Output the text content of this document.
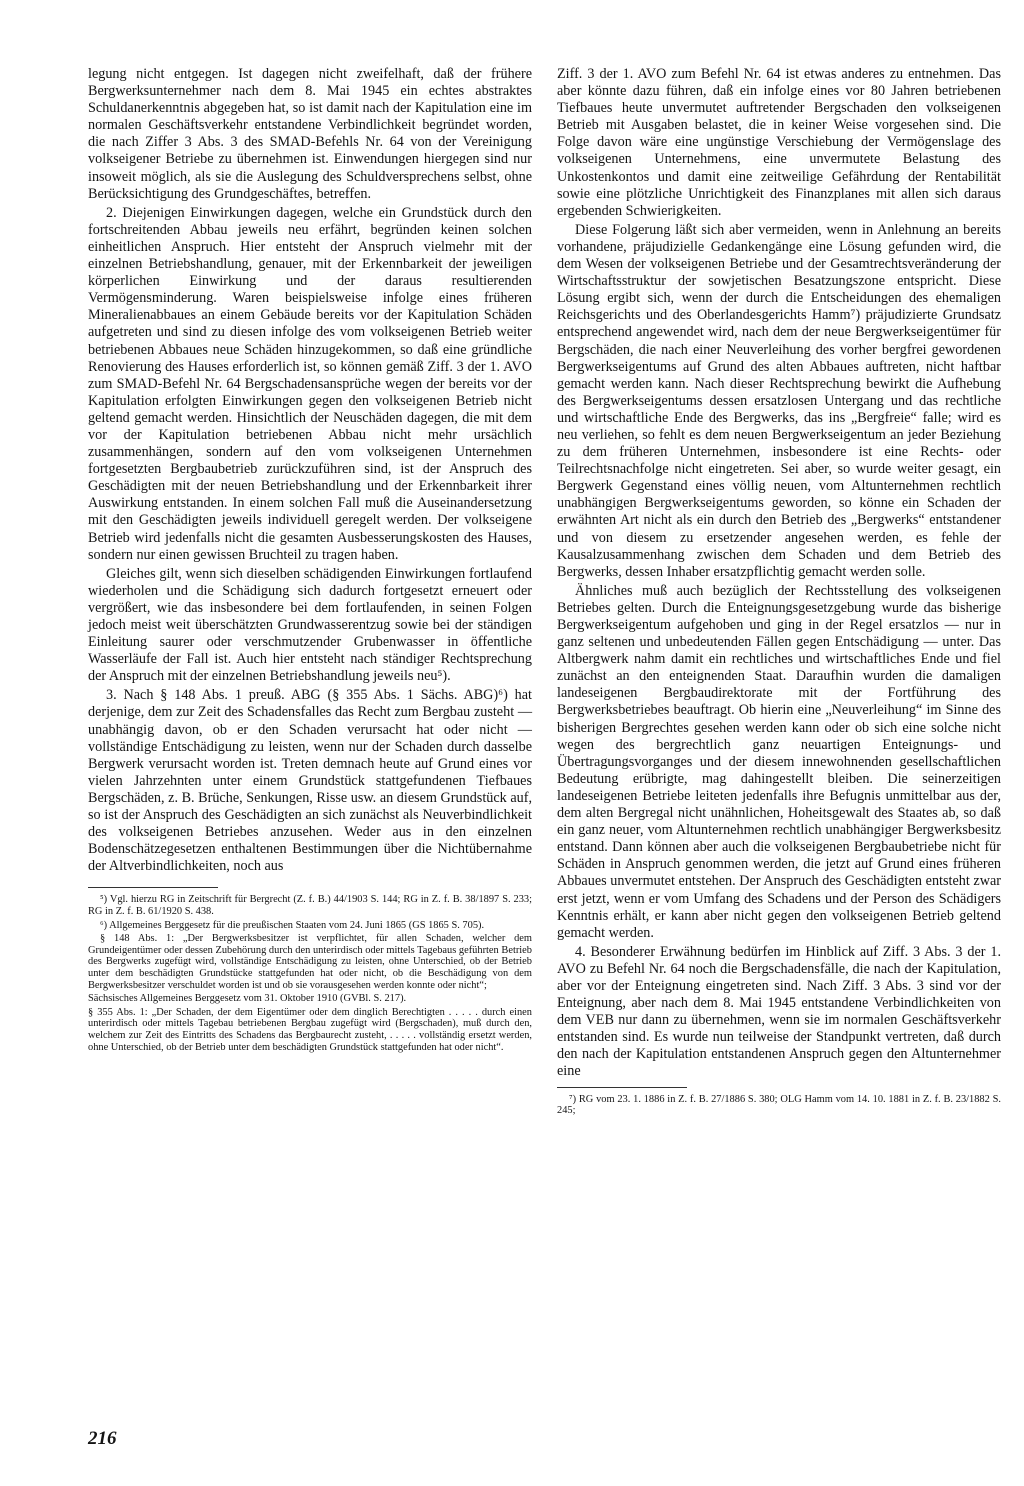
legung nicht entgegen. Ist dagegen nicht zweifelhaft, daß der frühere Bergwerksunternehmer nach dem 8. Mai 1945 ein echtes abstraktes Schuldanerkenntnis abgegeben hat, so ist damit nach der Kapitulation eine im normalen Geschäftsverkehr entstandene Verbindlichkeit begründet worden, die nach Ziffer 3 Abs. 3 des SMAD-Befehls Nr. 64 von der Vereinigung volkseigener Betriebe zu übernehmen ist. Einwendungen hiergegen sind nur insoweit möglich, als sie die Auslegung des Schuldversprechens selbst, ohne Berücksichtigung des Grundgeschäftes, betreffen.

2. Diejenigen Einwirkungen dagegen, welche ein Grundstück durch den fortschreitenden Abbau jeweils neu erfährt, begründen keinen solchen einheitlichen Anspruch. Hier entsteht der Anspruch vielmehr mit der einzelnen Betriebshandlung, genauer, mit der Erkennbarkeit der jeweiligen körperlichen Einwirkung und der daraus resultierenden Vermögensminderung. Waren beispielsweise infolge eines früheren Mineralienabbaues an einem Gebäude bereits vor der Kapitulation Schäden aufgetreten und sind zu diesen infolge des vom volkseigenen Betrieb weiter betriebenen Abbaues neue Schäden hinzugekommen, so daß eine gründliche Renovierung des Hauses erforderlich ist, so können gemäß Ziff. 3 der 1. AVO zum SMAD-Befehl Nr. 64 Bergschadensansprüche wegen der bereits vor der Kapitulation erfolgten Einwirkungen gegen den volkseigenen Betrieb nicht geltend gemacht werden. Hinsichtlich der Neuschäden dagegen, die mit dem vor der Kapitulation betriebenen Abbau nicht mehr ursächlich zusammenhängen, sondern auf den vom volkseigenen Unternehmen fortgesetzten Bergbaubetrieb zurückzuführen sind, ist der Anspruch des Geschädigten mit der neuen Betriebshandlung und der Erkennbarkeit ihrer Auswirkung entstanden. In einem solchen Fall muß die Auseinandersetzung mit den Geschädigten jeweils individuell geregelt werden. Der volkseigene Betrieb wird jedenfalls nicht die gesamten Ausbesserungskosten des Hauses, sondern nur einen gewissen Bruchteil zu tragen haben.

Gleiches gilt, wenn sich dieselben schädigenden Einwirkungen fortlaufend wiederholen und die Schädigung sich dadurch fortgesetzt erneuert oder vergrößert, wie das insbesondere bei dem fortlaufenden, in seinen Folgen jedoch meist weit überschätzten Grundwasserentzug sowie bei der ständigen Einleitung saurer oder verschmutzender Grubenwasser in öffentliche Wasserläufe der Fall ist. Auch hier entsteht nach ständiger Rechtsprechung der Anspruch mit der einzelnen Betriebshandlung jeweils neu⁵).

3. Nach § 148 Abs. 1 preuß. ABG (§ 355 Abs. 1 Sächs. ABG)⁶) hat derjenige, dem zur Zeit des Schadensfalles das Recht zum Bergbau zusteht — unabhängig davon, ob er den Schaden verursacht hat oder nicht — vollständige Entschädigung zu leisten, wenn nur der Schaden durch dasselbe Bergwerk verursacht worden ist. Treten demnach heute auf Grund eines vor vielen Jahrzehnten unter einem Grundstück stattgefundenen Tiefbaues Bergschäden, z. B. Brüche, Senkungen, Risse usw. an diesem Grundstück auf, so ist der Anspruch des Geschädigten an sich zunächst als Neuverbindlichkeit des volkseigenen Betriebes anzusehen. Weder aus in den einzelnen Bodenschätzegesetzen enthaltenen Bestimmungen über die Nichtübernahme der Altverbindlichkeiten, noch aus

⁵) Vgl. hierzu RG in Zeitschrift für Bergrecht (Z. f. B.) 44/1903 S. 144; RG in Z. f. B. 38/1897 S. 233; RG in Z. f. B. 61/1920 S. 438.

⁶) Allgemeines Berggesetz für die preußischen Staaten vom 24. Juni 1865 (GS 1865 S. 705).

§ 148 Abs. 1: „Der Bergwerksbesitzer ist verpflichtet, für allen Schaden, welcher dem Grundeigentümer oder dessen Zubehörung durch den unterirdisch oder mittels Tagebaus geführten Betrieb des Bergwerks zugefügt wird, vollständige Entschädigung zu leisten, ohne Unterschied, ob der Betrieb unter dem beschädigten Grundstücke stattgefunden hat oder nicht, ob die Beschädigung von dem Bergwerksbesitzer verschuldet worden ist und ob sie vorausgesehen werden konnte oder nicht“;

Sächsisches Allgemeines Berggesetz vom 31. Oktober 1910 (GVBl. S. 217).

§ 355 Abs. 1: „Der Schaden, der dem Eigentümer oder dem dinglich Berechtigten . . . . . durch einen unterirdisch oder mittels Tagebau betriebenen Bergbau zugefügt wird (Bergschaden), muß durch den, welchem zur Zeit des Eintritts des Schadens das Bergbaurecht zusteht, . . . . . vollständig ersetzt werden, ohne Unterschied, ob der Betrieb unter dem beschädigten Grundstück stattgefunden hat oder nicht“.

Ziff. 3 der 1. AVO zum Befehl Nr. 64 ist etwas anderes zu entnehmen. Das aber könnte dazu führen, daß ein infolge eines vor 80 Jahren betriebenen Tiefbaues heute unvermutet auftretender Bergschaden den volkseigenen Betrieb mit Ausgaben belastet, die in keiner Weise vorgesehen sind. Die Folge davon wäre eine ungünstige Verschiebung der Vermögenslage des volkseigenen Unternehmens, eine unvermutete Belastung des Unkostenkontos und damit eine zeitweilige Gefährdung der Rentabilität sowie eine plötzliche Unrichtigkeit des Finanzplanes mit allen sich daraus ergebenden Schwierigkeiten.

Diese Folgerung läßt sich aber vermeiden, wenn in Anlehnung an bereits vorhandene, präjudizielle Gedankengänge eine Lösung gefunden wird, die dem Wesen der volkseigenen Betriebe und der Gesamtrechtsveränderung der Wirtschaftsstruktur der sowjetischen Besatzungszone entspricht. Diese Lösung ergibt sich, wenn der durch die Entscheidungen des ehemaligen Reichsgerichts und des Oberlandesgerichts Hamm⁷) präjudizierte Grundsatz entsprechend angewendet wird, nach dem der neue Bergwerkseigentümer für Bergschäden, die nach einer Neuverleihung des vorher bergfrei gewordenen Bergwerkseigentums auf Grund des alten Abbaues auftreten, nicht haftbar gemacht werden kann. Nach dieser Rechtsprechung bewirkt die Aufhebung des Bergwerkseigentums dessen ersatzlosen Untergang und das rechtliche und wirtschaftliche Ende des Bergwerks, das ins „Bergfreie“ falle; wird es neu verliehen, so fehlt es dem neuen Bergwerkseigentum an jeder Beziehung zu dem früheren Unternehmen, insbesondere ist eine Rechts- oder Teilrechtsnachfolge nicht eingetreten. Sei aber, so wurde weiter gesagt, ein Bergwerk Gegenstand eines völlig neuen, vom Altunternehmen rechtlich unabhängigen Bergwerkseigentums geworden, so könne ein Schaden der erwähnten Art nicht als ein durch den Betrieb des „Bergwerks“ entstandener und von diesem zu ersetzender angesehen werden, es fehle der Kausalzusammenhang zwischen dem Schaden und dem Betrieb des Bergwerks, dessen Inhaber ersatzpflichtig gemacht werden solle.

Ähnliches muß auch bezüglich der Rechtsstellung des volkseigenen Betriebes gelten. Durch die Enteignungsgesetzgebung wurde das bisherige Bergwerkseigentum aufgehoben und ging in der Regel ersatzlos — nur in ganz seltenen und unbedeutenden Fällen gegen Entschädigung — unter. Das Altbergwerk nahm damit ein rechtliches und wirtschaftliches Ende und fiel zunächst an den enteignenden Staat. Daraufhin wurden die damaligen landeseigenen Bergbaudirektorate mit der Fortführung des Bergwerksbetriebes beauftragt. Ob hierin eine „Neuverleihung“ im Sinne des bisherigen Bergrechtes gesehen werden kann oder ob sich eine solche nicht wegen des bergrechtlich ganz neuartigen Enteignungs- und Übertragungsvorganges und der diesem innewohnenden gesellschaftlichen Bedeutung erübrigte, mag dahingestellt bleiben. Die seinerzeitigen landeseigenen Betriebe leiteten jedenfalls ihre Befugnis unmittelbar aus der, dem alten Bergregal nicht unähnlichen, Hoheitsgewalt des Staates ab, so daß ein ganz neuer, vom Altunternehmen rechtlich unabhängiger Bergwerksbesitz entstand. Dann können aber auch die volkseigenen Bergbaubetriebe nicht für Schäden in Anspruch genommen werden, die jetzt auf Grund eines früheren Abbaues unvermutet entstehen. Der Anspruch des Geschädigten entsteht zwar erst jetzt, wenn er vom Umfang des Schadens und der Person des Schädigers Kenntnis erhält, er kann aber nicht gegen den volkseigenen Betrieb geltend gemacht werden.

4. Besonderer Erwähnung bedürfen im Hinblick auf Ziff. 3 Abs. 3 der 1. AVO zu Befehl Nr. 64 noch die Bergschadensfälle, die nach der Kapitulation, aber vor der Enteignung eingetreten sind. Nach Ziff. 3 Abs. 3 sind vor der Enteignung, aber nach dem 8. Mai 1945 entstandene Verbindlichkeiten von dem VEB nur dann zu übernehmen, wenn sie im normalen Geschäftsverkehr entstanden sind. Es wurde nun teilweise der Standpunkt vertreten, daß durch den nach der Kapitulation entstandenen Anspruch gegen den Altunternehmer eine

⁷) RG vom 23. 1. 1886 in Z. f. B. 27/1886 S. 380; OLG Hamm vom 14. 10. 1881 in Z. f. B. 23/1882 S. 245;

216
